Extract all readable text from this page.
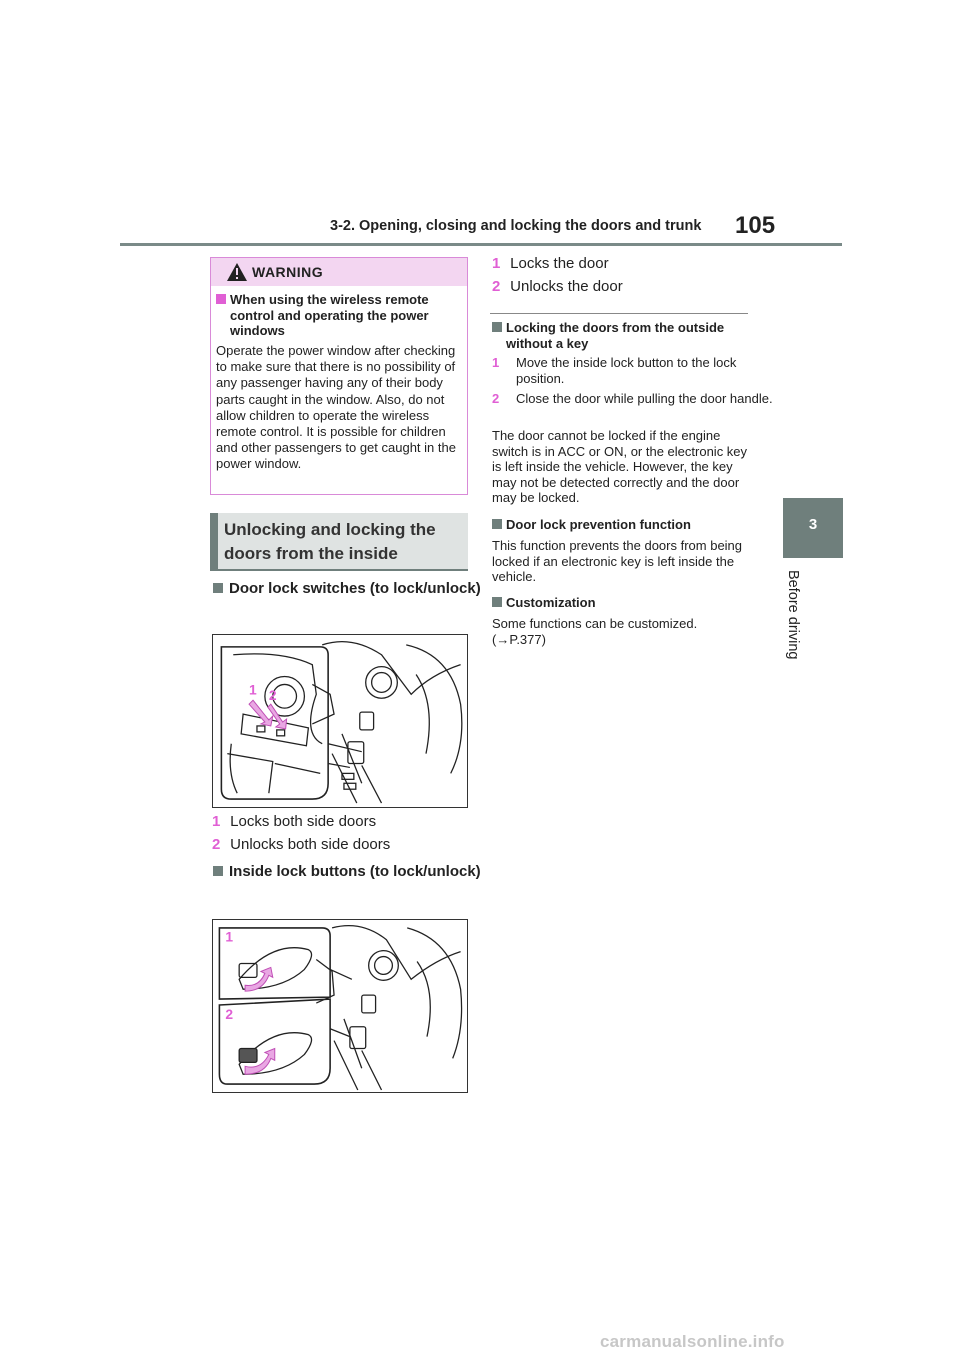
3-2. Opening, closing and locking the doors and trunk 105
3
Before driving
WARNING
When using the wireless remote control and operating the power windows
Operate the power window after checking to make sure that there is no possibility of any passenger having any of their body parts caught in the window. Also, do not allow children to operate the wireless remote control. It is possible for children and other passengers to get caught in the power window.
Unlocking and locking the doors from the inside
Door lock switches (to lock/unlock)
1 2
1 Locks both side doors
2 Unlocks both side doors
Inside lock buttons (to lock/unlock)
1
2
1 Locks the door
2 Unlocks the door
Locking the doors from the outside without a key
1 Move the inside lock button to the lock position.
2 Close the door while pulling the door handle.
The door cannot be locked if the engine switch is in ACC or ON, or the electronic key is left inside the vehicle. However, the key may not be detected correctly and the door may be locked.
Door lock prevention function
This function prevents the doors from being locked if an electronic key is left inside the vehicle.
Customization
Some functions can be customized. (→P.377)
carmanualsonline.info
